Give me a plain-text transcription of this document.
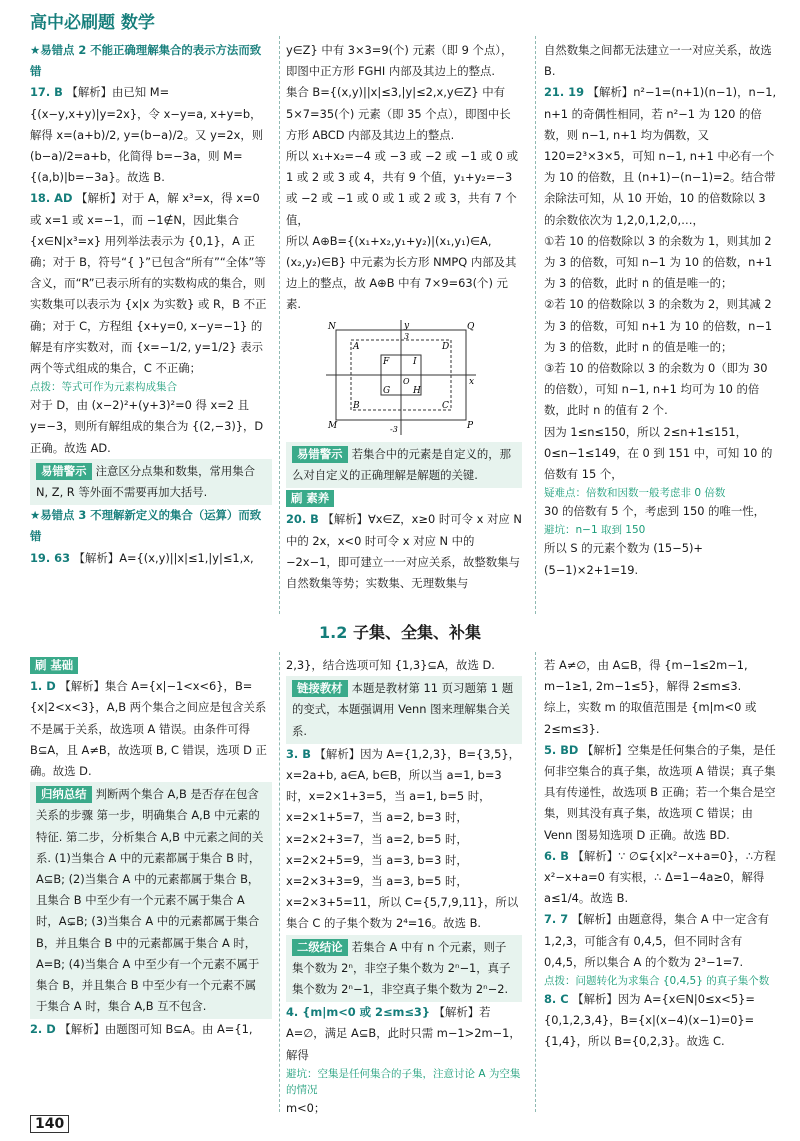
高中必刷题 数学

★易错点 2 不能正确理解集合的表示方法而致错

17. B 【解析】由已知 M={(x−y,x+y)|y=2x}，令 x−y=a, x+y=b，解得 x=(a+b)/2, y=(b−a)/2。又 y=2x，则 (b−a)/2=a+b，化简得 b=−3a，则 M={(a,b)|b=−3a}。故选 B.

18. AD 【解析】对于 A，解 x³=x，得 x=0 或 x=1 或 x=−1，而 −1∉N，因此集合 {x∈N|x³=x} 用列举法表示为 {0,1}，A 正确；对于 B，符号“{ }”已包含“所有”“全体”等含义，而“R”已表示所有的实数构成的集合，则实数集可以表示为 {x|x 为实数} 或 R，B 不正确；对于 C，方程组 {x+y=0, x−y=−1} 的解是有序实数对，而 {x=−1/2, y=1/2} 表示两个等式组成的集合，C 不正确；

点拨：等式可作为元素构成集合

对于 D，由 (x−2)²+(y+3)²=0 得 x=2 且 y=−3，则所有解组成的集合为 {(2,−3)}，D 正确。故选 AD.

易错警示 注意区分点集和数集，常用集合 N, Z, R 等外面不需要再加大括号.

★易错点 3 不理解新定义的集合（运算）而致错

19. 63 【解析】A={(x,y)||x|≤1,|y|≤1,x,

y∈Z} 中有 3×3=9(个) 元素（即 9 个点），即图中正方形 FGHI 内部及其边上的整点.

集合 B={(x,y)||x|≤3,|y|≤2,x,y∈Z} 中有 5×7=35(个) 元素（即 35 个点），即图中长方形 ABCD 内部及其边上的整点.

所以 x₁+x₂=−4 或 −3 或 −2 或 −1 或 0 或 1 或 2 或 3 或 4，共有 9 个值，y₁+y₂=−3 或 −2 或 −1 或 0 或 1 或 2 或 3，共有 7 个值，

所以 A⊕B={(x₁+x₂,y₁+y₂)|(x₁,y₁)∈A,(x₂,y₂)∈B} 中元素为长方形 NMPQ 内部及其边上的整点，故 A⊕B 中有 7×9=63(个) 元素.

N	Q
M	P
A	D
B	C
F	I
G	H
O	x
y
3
-3

易错警示 若集合中的元素是自定义的，那么对自定义的正确理解是解题的关键.

刷 素养

20. B 【解析】∀x∈Z，x≥0 时可令 x 对应 N 中的 2x，x<0 时可令 x 对应 N 中的 −2x−1，即可建立一一对应关系，故整数集与自然数集等势；实数集、无理数集与

自然数集之间都无法建立一一对应关系，故选 B.

21. 19 【解析】n²−1=(n+1)(n−1)，n−1, n+1 的奇偶性相同，若 n²−1 为 120 的倍数，则 n−1, n+1 均为偶数，又 120=2³×3×5，可知 n−1, n+1 中必有一个为 10 的倍数，且 (n+1)−(n−1)=2。结合带余除法可知，从 10 开始，10 的倍数除以 3 的余数依次为 1,2,0,1,2,0,…，

①若 10 的倍数除以 3 的余数为 1，则其加 2 为 3 的倍数，可知 n−1 为 10 的倍数，n+1 为 3 的倍数，此时 n 的值是唯一的；

②若 10 的倍数除以 3 的余数为 2，则其减 2 为 3 的倍数，可知 n+1 为 10 的倍数，n−1 为 3 的倍数，此时 n 的值是唯一的；

③若 10 的倍数除以 3 的余数为 0（即为 30 的倍数），可知 n−1, n+1 均可为 10 的倍数，此时 n 的值有 2 个.

因为 1≤n≤150，所以 2≤n+1≤151，0≤n−1≤149，在 0 到 151 中，可知 10 的倍数有 15 个，

疑难点：倍数和因数一般考虑非 0 倍数

30 的倍数有 5 个，考虑到 150 的唯一性，

避坑：n−1 取到 150

所以 S 的元素个数为 (15−5)+(5−1)×2+1=19.

1.2 子集、全集、补集

刷 基础

1. D 【解析】集合 A={x|−1<x<6}，B={x|2<x<3}，A,B 两个集合之间应是包含关系不是属于关系，故选项 A 错误。由条件可得 B⊆A，且 A≠B，故选项 B, C 错误，选项 D 正确。故选 D.

归纳总结 判断两个集合 A,B 是否存在包含关系的步骤 第一步，明确集合 A,B 中元素的特征. 第二步，分析集合 A,B 中元素之间的关系. (1)当集合 A 中的元素都属于集合 B 时，A⊆B; (2)当集合 A 中的元素都属于集合 B，且集合 B 中至少有一个元素不属于集合 A 时，A⊊B; (3)当集合 A 中的元素都属于集合 B，并且集合 B 中的元素都属于集合 A 时，A=B; (4)当集合 A 中至少有一个元素不属于集合 B，并且集合 B 中至少有一个元素不属于集合 A 时，集合 A,B 互不包含.

2. D 【解析】由题图可知 B⊆A。由 A={1,

2,3}，结合选项可知 {1,3}⊆A，故选 D.

链接教材 本题是教材第 11 页习题第 1 题的变式，本题强调用 Venn 图来理解集合关系.

3. B 【解析】因为 A={1,2,3}，B={3,5}，x=2a+b, a∈A, b∈B，所以当 a=1, b=3 时，x=2×1+3=5，当 a=1, b=5 时，x=2×1+5=7，当 a=2, b=3 时，x=2×2+3=7，当 a=2, b=5 时，x=2×2+5=9，当 a=3, b=3 时，x=2×3+3=9，当 a=3, b=5 时，x=2×3+5=11，所以 C={5,7,9,11}，所以集合 C 的子集个数为 2⁴=16。故选 B.

二级结论 若集合 A 中有 n 个元素，则子集个数为 2ⁿ，非空子集个数为 2ⁿ−1，真子集个数为 2ⁿ−1，非空真子集个数为 2ⁿ−2.

4. {m|m<0 或 2≤m≤3} 【解析】若 A=∅，满足 A⊆B，此时只需 m−1>2m−1，解得

避坑：空集是任何集合的子集，注意讨论 A 为空集的情况

m<0；

若 A≠∅，由 A⊆B，得 {m−1≤2m−1, m−1≥1, 2m−1≤5}，解得 2≤m≤3.

综上，实数 m 的取值范围是 {m|m<0 或 2≤m≤3}.

5. BD 【解析】空集是任何集合的子集，是任何非空集合的真子集，故选项 A 错误；真子集具有传递性，故选项 B 正确；若一个集合是空集，则其没有真子集，故选项 C 错误；由 Venn 图易知选项 D 正确。故选 BD.

6. B 【解析】∵ ∅⊊{x|x²−x+a=0}，∴方程 x²−x+a=0 有实根，∴ Δ=1−4a≥0，解得 a≤1/4。故选 B.

7. 7 【解析】由题意得，集合 A 中一定含有 1,2,3，可能含有 0,4,5，但不同时含有 0,4,5，所以集合 A 的个数为 2³−1=7.

点拨：问题转化为求集合 {0,4,5} 的真子集个数

8. C 【解析】因为 A={x∈N|0≤x<5}={0,1,2,3,4}，B={x|(x−4)(x−1)=0}={1,4}，所以 B={0,2,3}。故选 C.

140
